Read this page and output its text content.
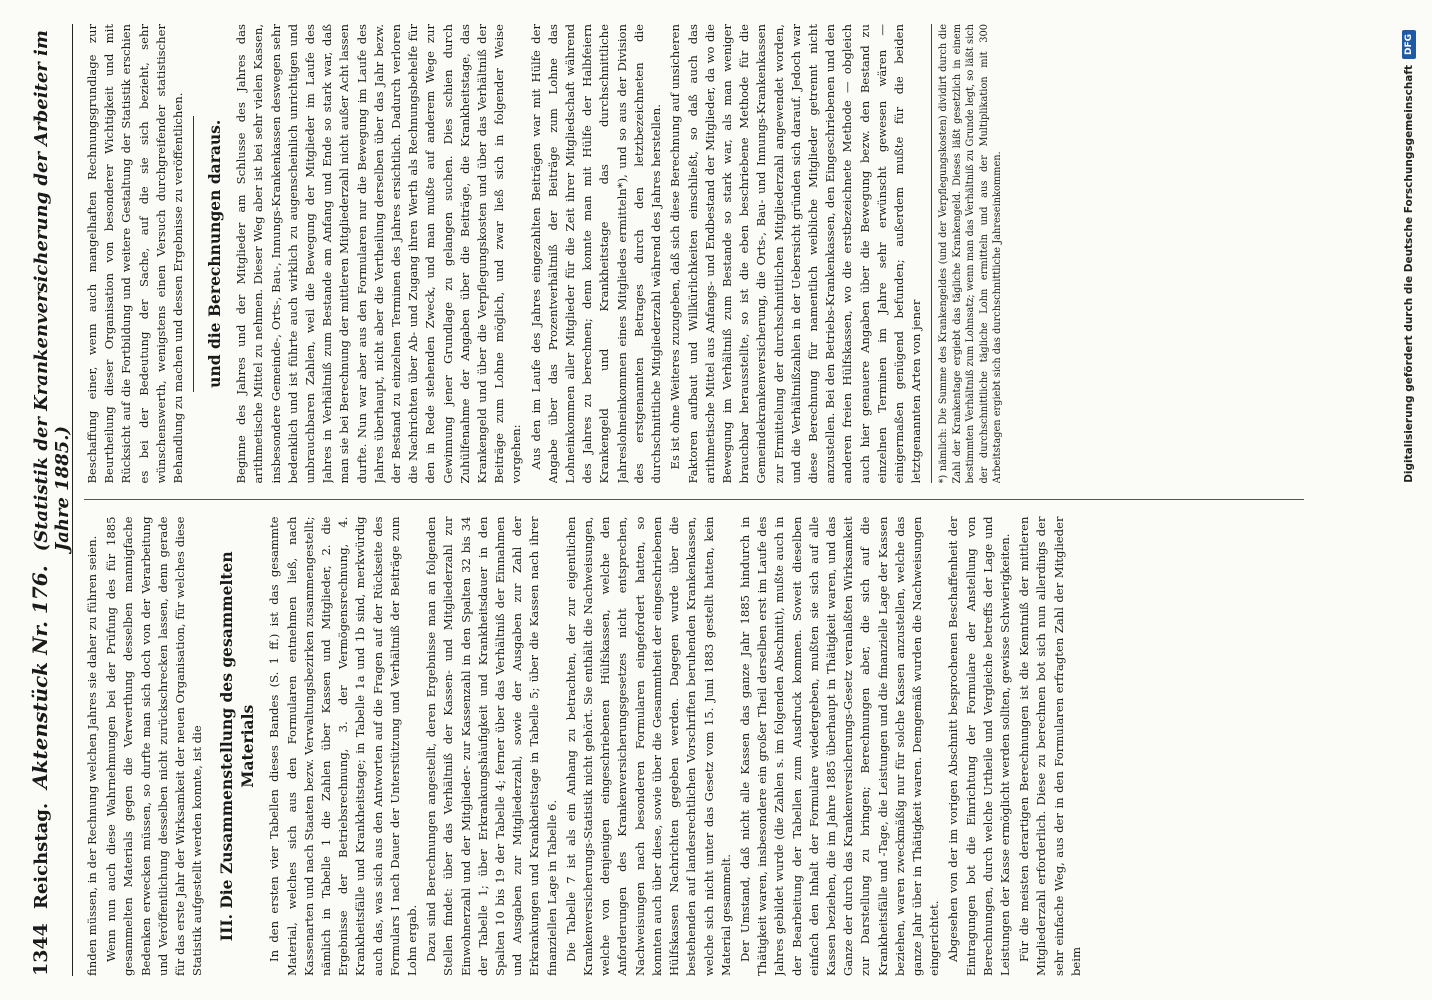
1344
Reichstag.
Aktenstück Nr. 176.
(Statistik der Krankenversicherung der Arbeiter im Jahre 1885.)

finden müssen, in der Rechnung welchen Jahres sie daher zu führen seien. Wenn nun auch diese Wahrnehmungen bei der Prüfung des für 1885 gesammelten Materials gegen die Verwerthung desselben mannigfache Bedenken erwecken müssen, so durfte man sich doch von der Verarbeitung und Veröffentlichung desselben nicht zurückschrecken lassen, denn gerade für das erste Jahr der Wirksamkeit der neuen Organisation, für welches diese Statistik aufgestellt werden konnte, ist die III. Die Zusammenstellung des gesammelten Materials In den ersten vier Tabellen dieses Bandes (S. 1 ff.) ist das gesammte Material, welches sich aus den Formularen entnehmen ließ, nach Kassenarten und nach Staaten bezw. Verwaltungsbezirken zusammengestellt; nämlich in Tabelle 1 die Zahlen über Kassen und Mitglieder, 2. die Ergebnisse der Betriebsrechnung, 3. der Vermögensrechnung, 4. Krankheitsfälle und Krankheitstage; in Tabelle 1a und 1b sind, merkwürdig auch das, was sich aus den Antworten auf die Fragen auf der Rückseite des Formulars I nach Dauer der Unterstützung und Verhältniß der Beiträge zum Lohn ergab. Dazu sind Berechnungen angestellt, deren Ergebnisse man an folgenden Stellen findet: über das Verhältniß der Kassen- und Mitgliederzahl zur Einwohnerzahl und der Mitglieder- zur Kassenzahl in den Spalten 32 bis 34 der Tabelle 1; über Erkrankungshäufigkeit und Krankheitsdauer in den Spalten 10 bis 19 der Tabelle 4; ferner über das Verhältniß der Einnahmen und Ausgaben zur Mitgliederzahl, sowie der Ausgaben zur Zahl der Erkrankungen und Krankheitstage in Tabelle 5; über die Kassen nach ihrer finanziellen Lage in Tabelle 6. Die Tabelle 7 ist als ein Anhang zu betrachten, der zur eigentlichen Krankenversicherungs-Statistik nicht gehört. Sie enthält die Nachweisungen, welche von denjenigen eingeschriebenen Hülfskassen, welche den Anforderungen des Krankenversicherungsgesetzes nicht entsprechen, Nachweisungen nach besonderen Formularen eingefordert hatten, so konnten auch über diese, sowie über die Gesammtheit der eingeschriebenen Hülfskassen Nachrichten gegeben werden. Dagegen wurde über die bestehenden auf landesrechtlichen Vorschriften beruhenden Krankenkassen, welche sich nicht unter das Gesetz vom 15. Juni 1883 gestellt hatten, kein Material gesammelt. Der Umstand, daß nicht alle Kassen das ganze Jahr 1885 hindurch in Thätigkeit waren, insbesondere ein großer Theil derselben erst im Laufe des Jahres gebildet wurde (die Zahlen s. im folgenden Abschnitt), mußte auch in der Bearbeitung der Tabellen zum Ausdruck kommen. Soweit dieselben einfach den Inhalt der Formulare wiedergeben, mußten sie sich auf alle Kassen beziehen, die im Jahre 1885 überhaupt in Thätigkeit waren, und das Ganze der durch das Krankenversicherungs-Gesetz veranlaßten Wirksamkeit zur Darstellung zu bringen; Berechnungen aber, die sich auf die Krankheitsfälle und -Tage, die Leistungen und die finanzielle Lage der Kassen beziehen, waren zweckmäßig nur für solche Kassen anzustellen, welche das ganze Jahr über in Thätigkeit waren. Demgemäß wurden die Nachweisungen eingerichtet. Abgesehen von der im vorigen Abschnitt besprochenen Beschaffenheit der Eintragungen bot die Einrichtung der Formulare der Anstellung von Berechnungen, durch welche Urtheile und Vergleiche betreffs der Lage und Leistungen der Kasse ermöglicht werden sollten, gewisse Schwierigkeiten. Für die meisten derartigen Berechnungen ist die Kenntniß der mittleren Mitgliederzahl erforderlich. Diese zu berechnen bot sich nun allerdings der sehr einfache Weg, aus der in den Formularen erfragten Zahl der Mitglieder beim

Beschaffung einer, wenn auch mangelhaften Rechnungsgrundlage zur Beurtheilung dieser Organisation von besonderer Wichtigkeit und mit Rücksicht auf die Fortbildung und weitere Gestaltung der Statistik erschien es bei der Bedeutung der Sache, auf die sie sich bezieht, sehr wünschenswerth, wenigstens einen Versuch durchgreifender statistischer Behandlung zu machen und dessen Ergebnisse zu veröffentlichen. und die Berechnungen daraus. Beginne des Jahres und der Mitglieder am Schlusse des Jahres das arithmetische Mittel zu nehmen. Dieser Weg aber ist bei sehr vielen Kassen, insbesondere Gemeinde-, Orts-, Bau-, Innungs-Krankenkassen deswegen sehr bedenklich und ist führte auch wirklich zu augenscheinlich unrichtigen und unbrauchbaren Zahlen, weil die Bewegung der Mitglieder im Laufe des Jahres in Verhältniß zum Bestande am Anfang und Ende so stark war, daß man sie bei Berechnung der mittleren Mitgliederzahl nicht außer Acht lassen durfte. Nun war aber aus den Formularen nur die Bewegung im Laufe des Jahres überhaupt, nicht aber die Vertheilung derselben über das Jahr bezw. der Bestand zu einzelnen Terminen des Jahres ersichtlich. Dadurch verloren die Nachrichten über Ab- und Zugang ihren Werth als Rechnungsbehelfe für den in Rede stehenden Zweck, und man mußte auf anderem Wege zur Gewinnung jener Grundlage zu gelangen suchen. Dies schien durch Zuhülfenahme der Angaben über die Beiträge, die Krankheitstage, das Krankengeld und über die Verpflegungskosten und über das Verhältniß der Beiträge zum Lohne möglich, und zwar ließ sich in folgender Weise vorgehen: Aus den im Laufe des Jahres eingezahlten Beiträgen war mit Hülfe der Angabe über das Prozentverhältniß der Beiträge zum Lohne das Lohneinkommen aller Mitglieder für die Zeit ihrer Mitgliedschaft während des Jahres zu berechnen; denn konnte man mit Hülfe der Halbfeiern Krankengeld und Krankheitstage das durchschnittliche Jahreslohneinkommen eines Mitgliedes ermitteln*), und so aus der Division des erstgenannten Betrages durch den letztbezeichneten die durchschnittliche Mitgliederzahl während des Jahres herstellen. Es ist ohne Weiteres zuzugeben, daß sich diese Berechnung auf unsicheren Faktoren aufbaut und Willkürlichkeiten einschließt, so daß auch das arithmetische Mittel aus Anfangs- und Endbestand der Mitglieder, da wo die Bewegung im Verhältniß zum Bestande so stark war, als man weniger brauchbar herausstellte, so ist die eben beschriebene Methode für die Gemeindekrankenversicherung, die Orts-, Bau- und Innungs-Krankenkassen zur Ermittelung der durchschnittlichen Mitgliederzahl angewendet worden, und die Verhältnißzahlen in der Uebersicht gründen sich darauf. Jedoch war diese Berechnung für namentlich weibliche Mitglieder getrennt nicht anzustellen. Bei den Betriebs-Krankenkassen, den Eingeschriebenen und den anderen freien Hülfskassen, wo die erstbezeichnete Methode — obgleich auch hier genauere Angaben über die Bewegung bezw. den Bestand zu einzelnen Terminen im Jahre sehr erwünscht gewesen wären — einigermaßen genügend befunden; außerdem mußte für die beiden letztgenannten Arten von jener	*) nämlich: Die Summe des Krankengeldes (und der Verpflegungskosten) dividirt durch die Zahl der Krankentage ergiebt das tägliche Krankengeld. Dieses läßt gesetzlich in einem bestimmten Verhältniß zum Lohnsatz; wenn man das Verhältniß zu Grunde legt, so läßt sich der durchschnittliche tägliche Lohn ermitteln und aus der Multiplikation mit 300 Arbeitstagen ergiebt sich das durchschnittliche Jahreseinkommen.	Digitalisierung gefördert durch die Deutsche Forschungsgemeinschaft
DFG
